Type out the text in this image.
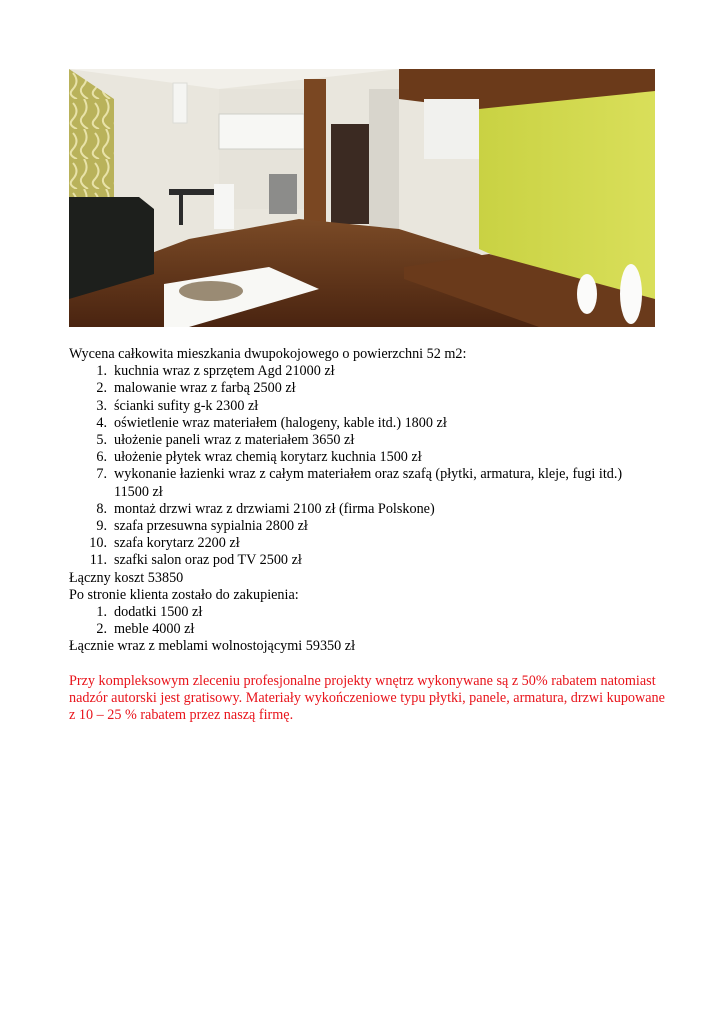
Wycena całkowita mieszkania dwupokojowego o powierzchni 52 m2:

1. kuchnia wraz z sprzętem Agd 21000 zł
2. malowanie wraz z farbą 2500 zł
3. ścianki sufity g-k 2300 zł
4. oświetlenie wraz materiałem (halogeny, kable itd.) 1800 zł
5. ułożenie paneli wraz z materiałem 3650 zł
6. ułożenie płytek wraz chemią korytarz kuchnia 1500 zł
7. wykonanie łazienki wraz z całym materiałem oraz szafą (płytki, armatura, kleje, fugi itd.) 11500 zł
8. montaż drzwi wraz z drzwiami 2100 zł (firma Polskone)
9. szafa przesuwna sypialnia 2800 zł
10. szafa korytarz 2200 zł
11. szafki salon oraz pod TV 2500 zł

Łączny koszt 53850

Po stronie klienta zostało do zakupienia:

1. dodatki 1500 zł
2. meble 4000 zł

Łącznie wraz z meblami wolnostojącymi 59350 zł

Przy kompleksowym zleceniu profesjonalne projekty wnętrz wykonywane są z 50% rabatem natomiast nadzór autorski jest gratisowy. Materiały wykończeniowe typu płytki, panele, armatura, drzwi kupowane z 10 – 25 % rabatem przez naszą firmę.
